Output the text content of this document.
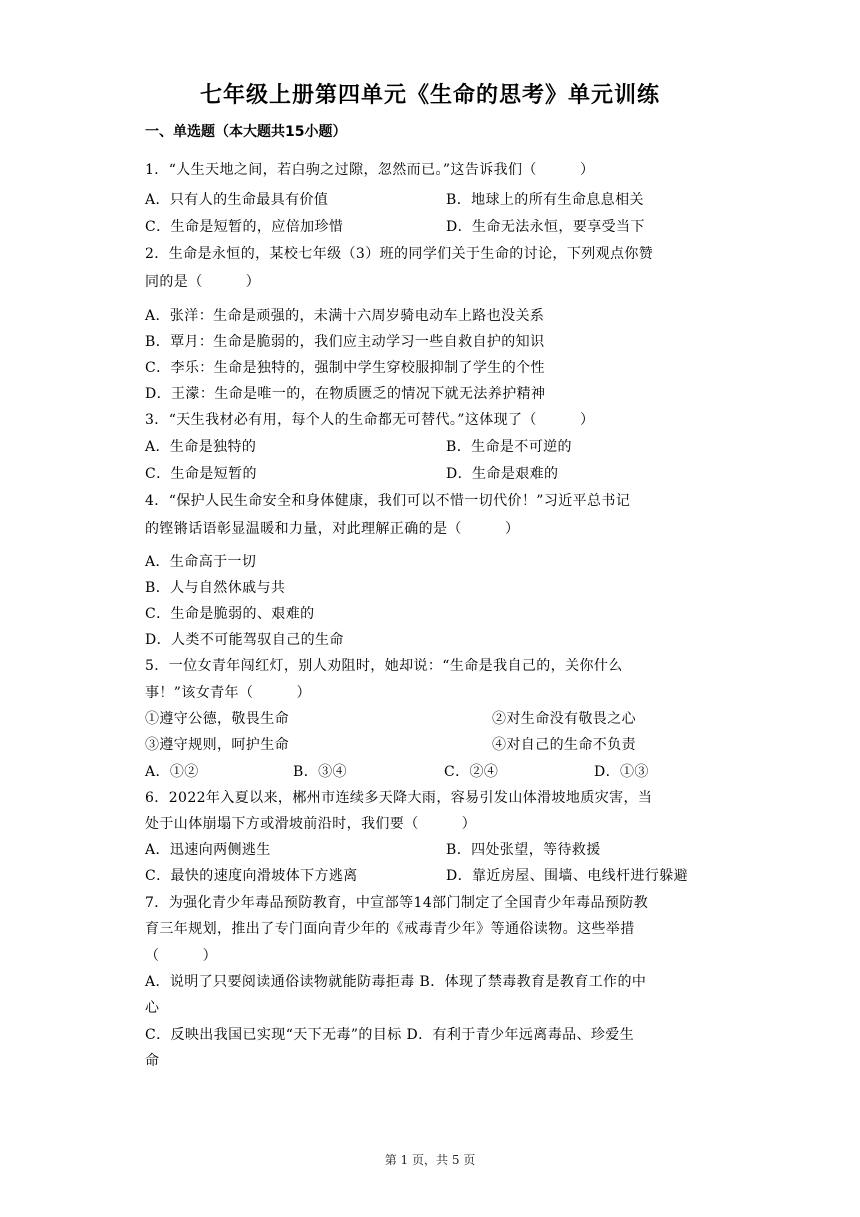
七年级上册第四单元《生命的思考》单元训练
一、单选题（本大题共15小题）
1．“人生天地之间，若白驹之过隙，忽然而已。”这告诉我们（　　　）
A．只有人的生命最具有价值	B．地球上的所有生命息息相关
C．生命是短暂的，应倍加珍惜	D．生命无法永恒，要享受当下
2．生命是永恒的，某校七年级（3）班的同学们关于生命的讨论，下列观点你赞
同的是（　　　）
A．张洋：生命是顽强的，未满十六周岁骑电动车上路也没关系
B．覃月：生命是脆弱的，我们应主动学习一些自救自护的知识
C．李乐：生命是独特的，强制中学生穿校服抑制了学生的个性
D．王濛：生命是唯一的，在物质匮乏的情况下就无法养护精神
3．“天生我材必有用，每个人的生命都无可替代。”这体现了（　　　）
A．生命是独特的	B．生命是不可逆的
C．生命是短暂的	D．生命是艰难的
4．“保护人民生命安全和身体健康，我们可以不惜一切代价！”习近平总书记
的铿锵话语彰显温暖和力量，对此理解正确的是（　　　）
A．生命高于一切
B．人与自然休戚与共
C．生命是脆弱的、艰难的
D．人类不可能驾驭自己的生命
5．一位女青年闯红灯，别人劝阻时，她却说：“生命是我自己的，关你什么
事！”该女青年（　　　）
①遵守公德，敬畏生命	②对生命没有敬畏之心
③遵守规则，呵护生命	④对自己的生命不负责
A．①②	B．③④	C．②④	D．①③
6．2022年入夏以来，郴州市连续多天降大雨，容易引发山体滑坡地质灾害，当
处于山体崩塌下方或滑坡前沿时，我们要（　　　）
A．迅速向两侧逃生	B．四处张望，等待救援
C．最快的速度向滑坡体下方逃离	D．靠近房屋、围墙、电线杆进行躲避
7．为强化青少年毒品预防教育，中宣部等14部门制定了全国青少年毒品预防教
育三年规划，推出了专门面向青少年的《戒毒青少年》等通俗读物。这些举措
（　　　）
A．说明了只要阅读通俗读物就能防毒拒毒 B．体现了禁毒教育是教育工作的中
心
C．反映出我国已实现“天下无毒”的目标 D．有利于青少年远离毒品、珍爱生
命
第 1 页，共 5 页
